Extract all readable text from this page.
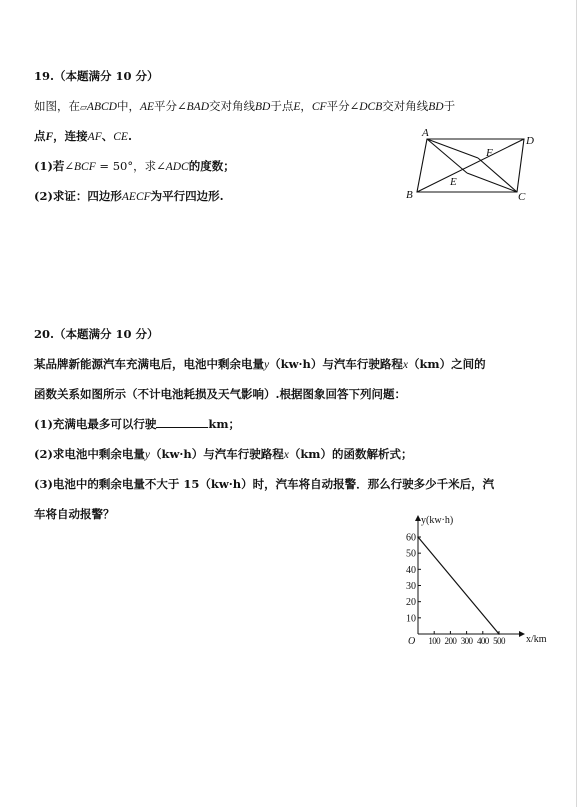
19.（本题满分 10 分）
如图，在▱ABCD中，AE平分∠BAD交对角线BD于点E，CF平分∠DCB交对角线BD于
点F，连接AF、CE.
(1)若∠BCF = 50°，求∠ADC的度数；
(2)求证：四边形AECF为平行四边形.
A
D
F
E
B	C
20.（本题满分 10 分）
某品牌新能源汽车充满电后，电池中剩余电量y（kw·h）与汽车行驶路程x（km）之间的
函数关系如图所示（不计电池耗损及天气影响）.根据图象回答下列问题：
(1)充满电最多可以行驶	km；
(2)求电池中剩余电量y（kw·h）与汽车行驶路程x（km）的函数解析式；
(3)电池中的剩余电量不大于 15（kw·h）时，汽车将自动报警．那么行驶多少千米后，汽
车将自动报警？
10
20
30
40
50
60
100 200 300 400 500
O
y(kw·h)
x/km
